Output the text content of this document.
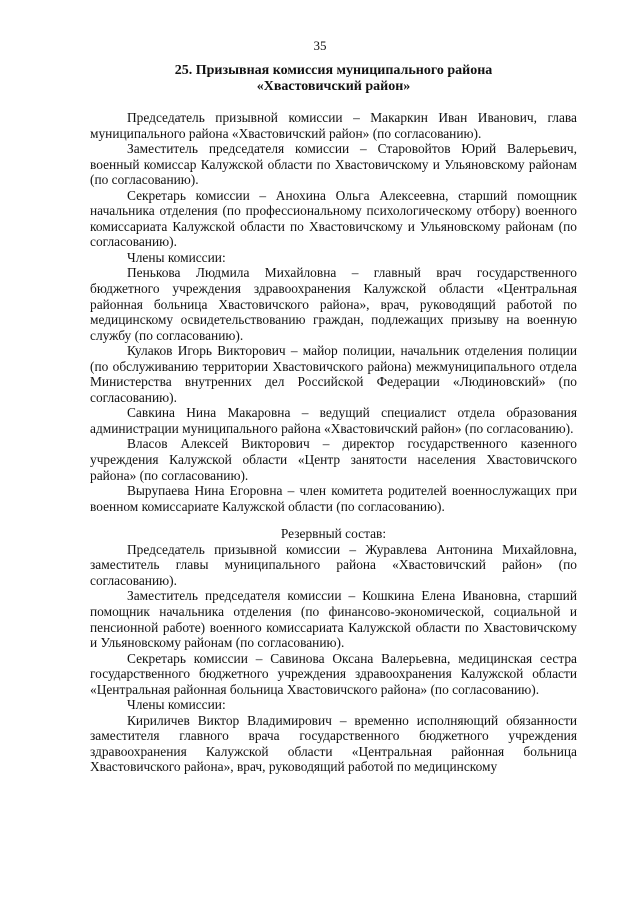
35
25. Призывная комиссия муниципального района
«Хвастовичский район»

Председатель призывной комиссии – Макаркин Иван Иванович, глава муниципального района «Хвастовичский район» (по согласованию).

Заместитель председателя комиссии – Старовойтов Юрий Валерьевич, военный комиссар Калужской области по Хвастовичскому и Ульяновскому районам (по согласованию).

Секретарь комиссии – Анохина Ольга Алексеевна, старший помощник начальника отделения (по профессиональному психологическому отбору) военного комиссариата Калужской области по Хвастовичскому и Ульяновскому районам (по согласованию).

Члены комиссии:

Пенькова Людмила Михайловна – главный врач государственного бюджетного учреждения здравоохранения Калужской области «Центральная районная больница Хвастовичского района», врач, руководящий работой по медицинскому освидетельствованию граждан, подлежащих призыву на военную службу (по согласованию).

Кулаков Игорь Викторович – майор полиции, начальник отделения полиции (по обслуживанию территории Хвастовичского района) межмуниципального отдела Министерства внутренних дел Российской Федерации «Людиновский» (по согласованию).

Савкина Нина Макаровна – ведущий специалист отдела образования администрации муниципального района «Хвастовичский район» (по согласованию).

Власов Алексей Викторович – директор государственного казенного учреждения Калужской области «Центр занятости населения Хвастовичского района» (по согласованию).

Вырупаева Нина Егоровна – член комитета родителей военнослужащих при военном комиссариате Калужской области (по согласованию).

Резервный состав:

Председатель призывной комиссии – Журавлева Антонина Михайловна, заместитель главы муниципального района «Хвастовичский район» (по согласованию).

Заместитель председателя комиссии – Кошкина Елена Ивановна, старший помощник начальника отделения (по финансово-экономической, социальной и пенсионной работе) военного комиссариата Калужской области по Хвастовичскому и Ульяновскому районам (по согласованию).

Секретарь комиссии – Савинова Оксана Валерьевна, медицинская сестра государственного бюджетного учреждения здравоохранения Калужской области «Центральная районная больница Хвастовичского района» (по согласованию).

Члены комиссии:

Кириличев Виктор Владимирович – временно исполняющий обязанности заместителя главного врача государственного бюджетного учреждения здравоохранения Калужской области «Центральная районная больница Хвастовичского района», врач, руководящий работой по медицинскому
